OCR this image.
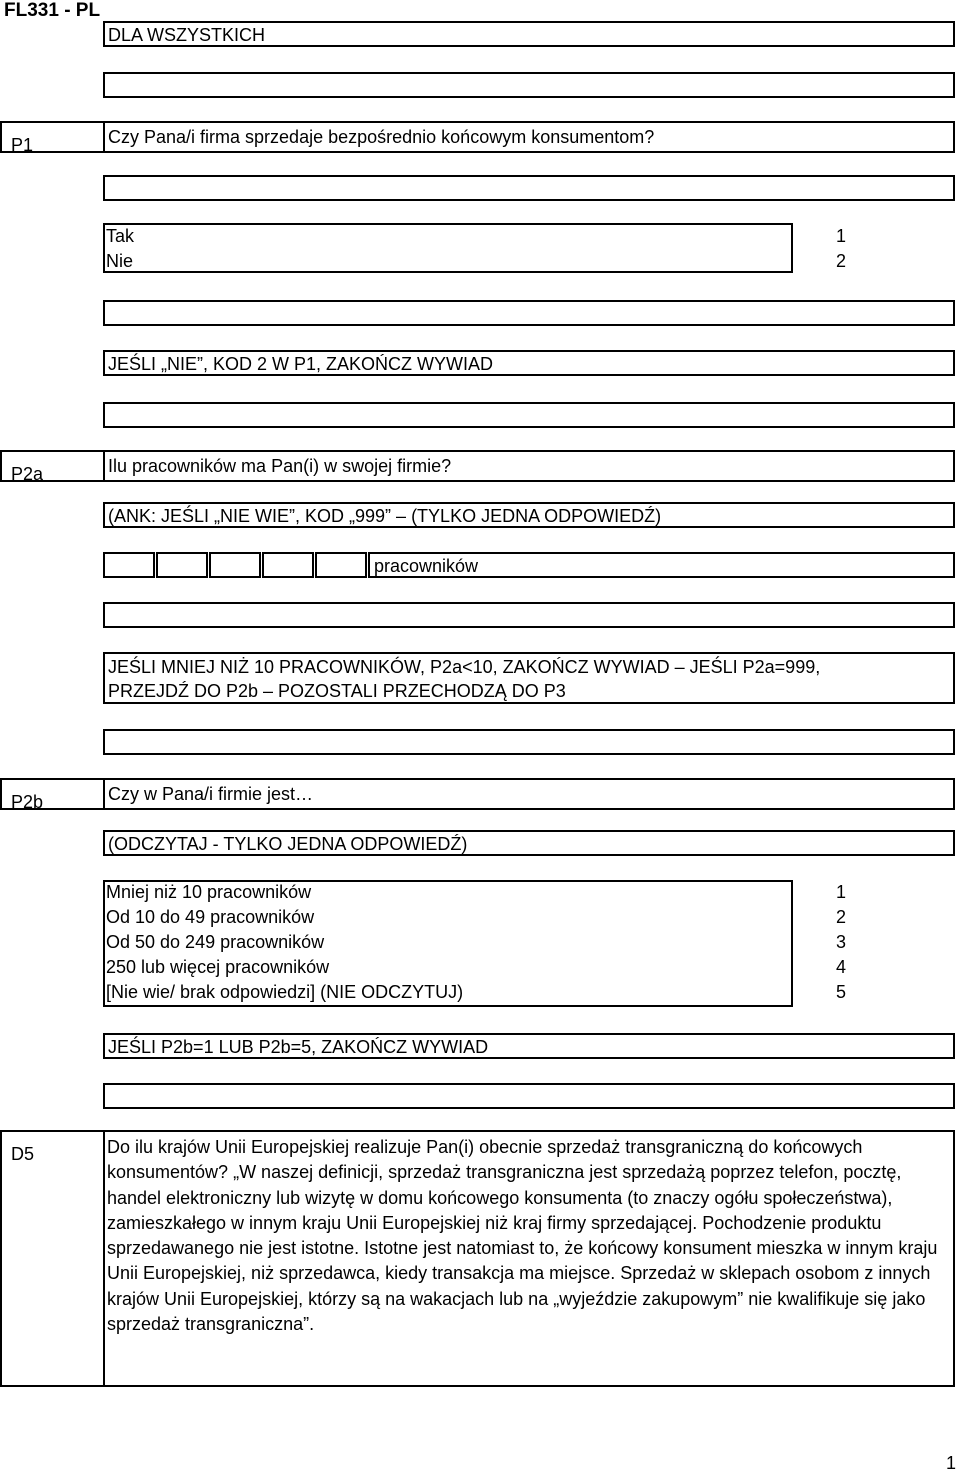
FL331 - PL
DLA WSZYSTKICH
P1	Czy Pana/i firma sprzedaje bezpośrednio końcowym konsumentom?
Tak	1
Nie	2
JEŚLI „NIE”, KOD 2 W P1, ZAKOŃCZ WYWIAD
P2a	Ilu pracowników ma Pan(i) w swojej firmie?
(ANK: JEŚLI „NIE WIE”, KOD „999” – (TYLKO JEDNA ODPOWIEDŹ)
pracowników
JEŚLI MNIEJ NIŻ 10 PRACOWNIKÓW, P2a<10, ZAKOŃCZ WYWIAD – JEŚLI P2a=999,
PRZEJDŹ DO P2b – POZOSTALI PRZECHODZĄ DO P3
P2b	Czy w Pana/i firmie jest…
(ODCZYTAJ - TYLKO JEDNA ODPOWIEDŹ)
Mniej niż 10 pracowników	1
Od 10 do 49 pracowników	2
Od 50 do 249 pracowników	3
250 lub więcej pracowników	4
[Nie wie/ brak odpowiedzi] (NIE ODCZYTUJ)	5
JEŚLI P2b=1 LUB P2b=5, ZAKOŃCZ WYWIAD
D5	Do ilu krajów Unii Europejskiej realizuje Pan(i) obecnie sprzedaż transgraniczną do końcowych konsumentów? „W naszej definicji, sprzedaż transgraniczna jest sprzedażą poprzez telefon, pocztę, handel elektroniczny lub wizytę w domu końcowego konsumenta (to znaczy ogółu społeczeństwa), zamieszkałego w innym kraju Unii Europejskiej niż kraj firmy sprzedającej. Pochodzenie produktu sprzedawanego nie jest istotne. Istotne jest natomiast to, że końcowy konsument mieszka w innym kraju Unii Europejskiej, niż sprzedawca, kiedy transakcja ma miejsce. Sprzedaż w sklepach osobom z innych krajów Unii Europejskiej, którzy są na wakacjach lub na „wyjeździe zakupowym” nie kwalifikuje się jako sprzedaż transgraniczna”.
1
